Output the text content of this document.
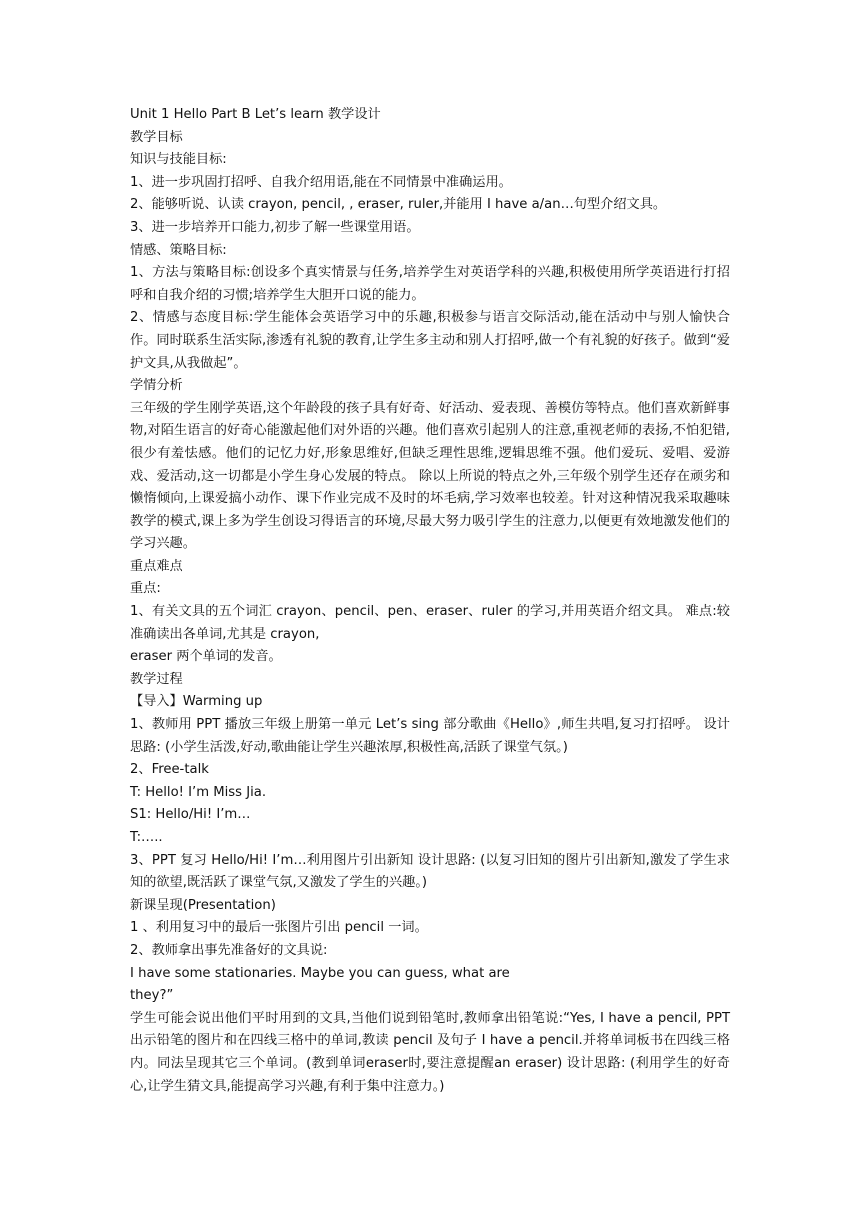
Unit 1 Hello Part B Let’s learn 教学设计
教学目标
知识与技能目标:
1、进一步巩固打招呼、自我介绍用语,能在不同情景中准确运用。
2、能够听说、认读 crayon, pencil, , eraser, ruler,并能用 I have a/an…句型介绍文具。
3、进一步培养开口能力,初步了解一些课堂用语。
情感、策略目标:
1、方法与策略目标:创设多个真实情景与任务,培养学生对英语学科的兴趣,积极使用所学英语进行打招呼和自我介绍的习惯;培养学生大胆开口说的能力。
2、情感与态度目标:学生能体会英语学习中的乐趣,积极参与语言交际活动,能在活动中与别人愉快合作。同时联系生活实际,渗透有礼貌的教育,让学生多主动和别人打招呼,做一个有礼貌的好孩子。做到“爱护文具,从我做起”。
学情分析
三年级的学生刚学英语,这个年龄段的孩子具有好奇、好活动、爱表现、善模仿等特点。他们喜欢新鲜事物,对陌生语言的好奇心能激起他们对外语的兴趣。他们喜欢引起别人的注意,重视老师的表扬,不怕犯错,很少有羞怯感。他们的记忆力好,形象思维好,但缺乏理性思维,逻辑思维不强。他们爱玩、爱唱、爱游戏、爱活动,这一切都是小学生身心发展的特点。 除以上所说的特点之外,三年级个别学生还存在顽劣和懒惰倾向,上课爱搞小动作、课下作业完成不及时的坏毛病,学习效率也较差。针对这种情况我采取趣味教学的模式,课上多为学生创设习得语言的环境,尽最大努力吸引学生的注意力,以便更有效地激发他们的学习兴趣。
重点难点
重点:
1、有关文具的五个词汇 crayon、pencil、pen、eraser、ruler 的学习,并用英语介绍文具。 难点:较准确读出各单词,尤其是 crayon,
eraser 两个单词的发音。
教学过程
【导入】Warming up
1、教师用 PPT 播放三年级上册第一单元 Let’s sing 部分歌曲《Hello》,师生共唱,复习打招呼。 设计思路: (小学生活泼,好动,歌曲能让学生兴趣浓厚,积极性高,活跃了课堂气氛。)
2、Free-talk
T: Hello! I’m Miss Jia.
S1: Hello/Hi! I’m…
T:…..
3、PPT 复习 Hello/Hi! I’m…利用图片引出新知 设计思路: (以复习旧知的图片引出新知,激发了学生求知的欲望,既活跃了课堂气氛,又激发了学生的兴趣。)
新课呈现(Presentation)
1 、利用复习中的最后一张图片引出 pencil 一词。
2、教师拿出事先准备好的文具说:
I have some stationaries. Maybe you can guess, what are
they?”
学生可能会说出他们平时用到的文具,当他们说到铅笔时,教师拿出铅笔说:“Yes, I have a pencil, PPT 出示铅笔的图片和在四线三格中的单词,教读 pencil 及句子 I have a pencil.并将单词板书在四线三格内。同法呈现其它三个单词。(教到单词eraser时,要注意提醒an eraser) 设计思路: (利用学生的好奇心,让学生猜文具,能提高学习兴趣,有利于集中注意力。)
